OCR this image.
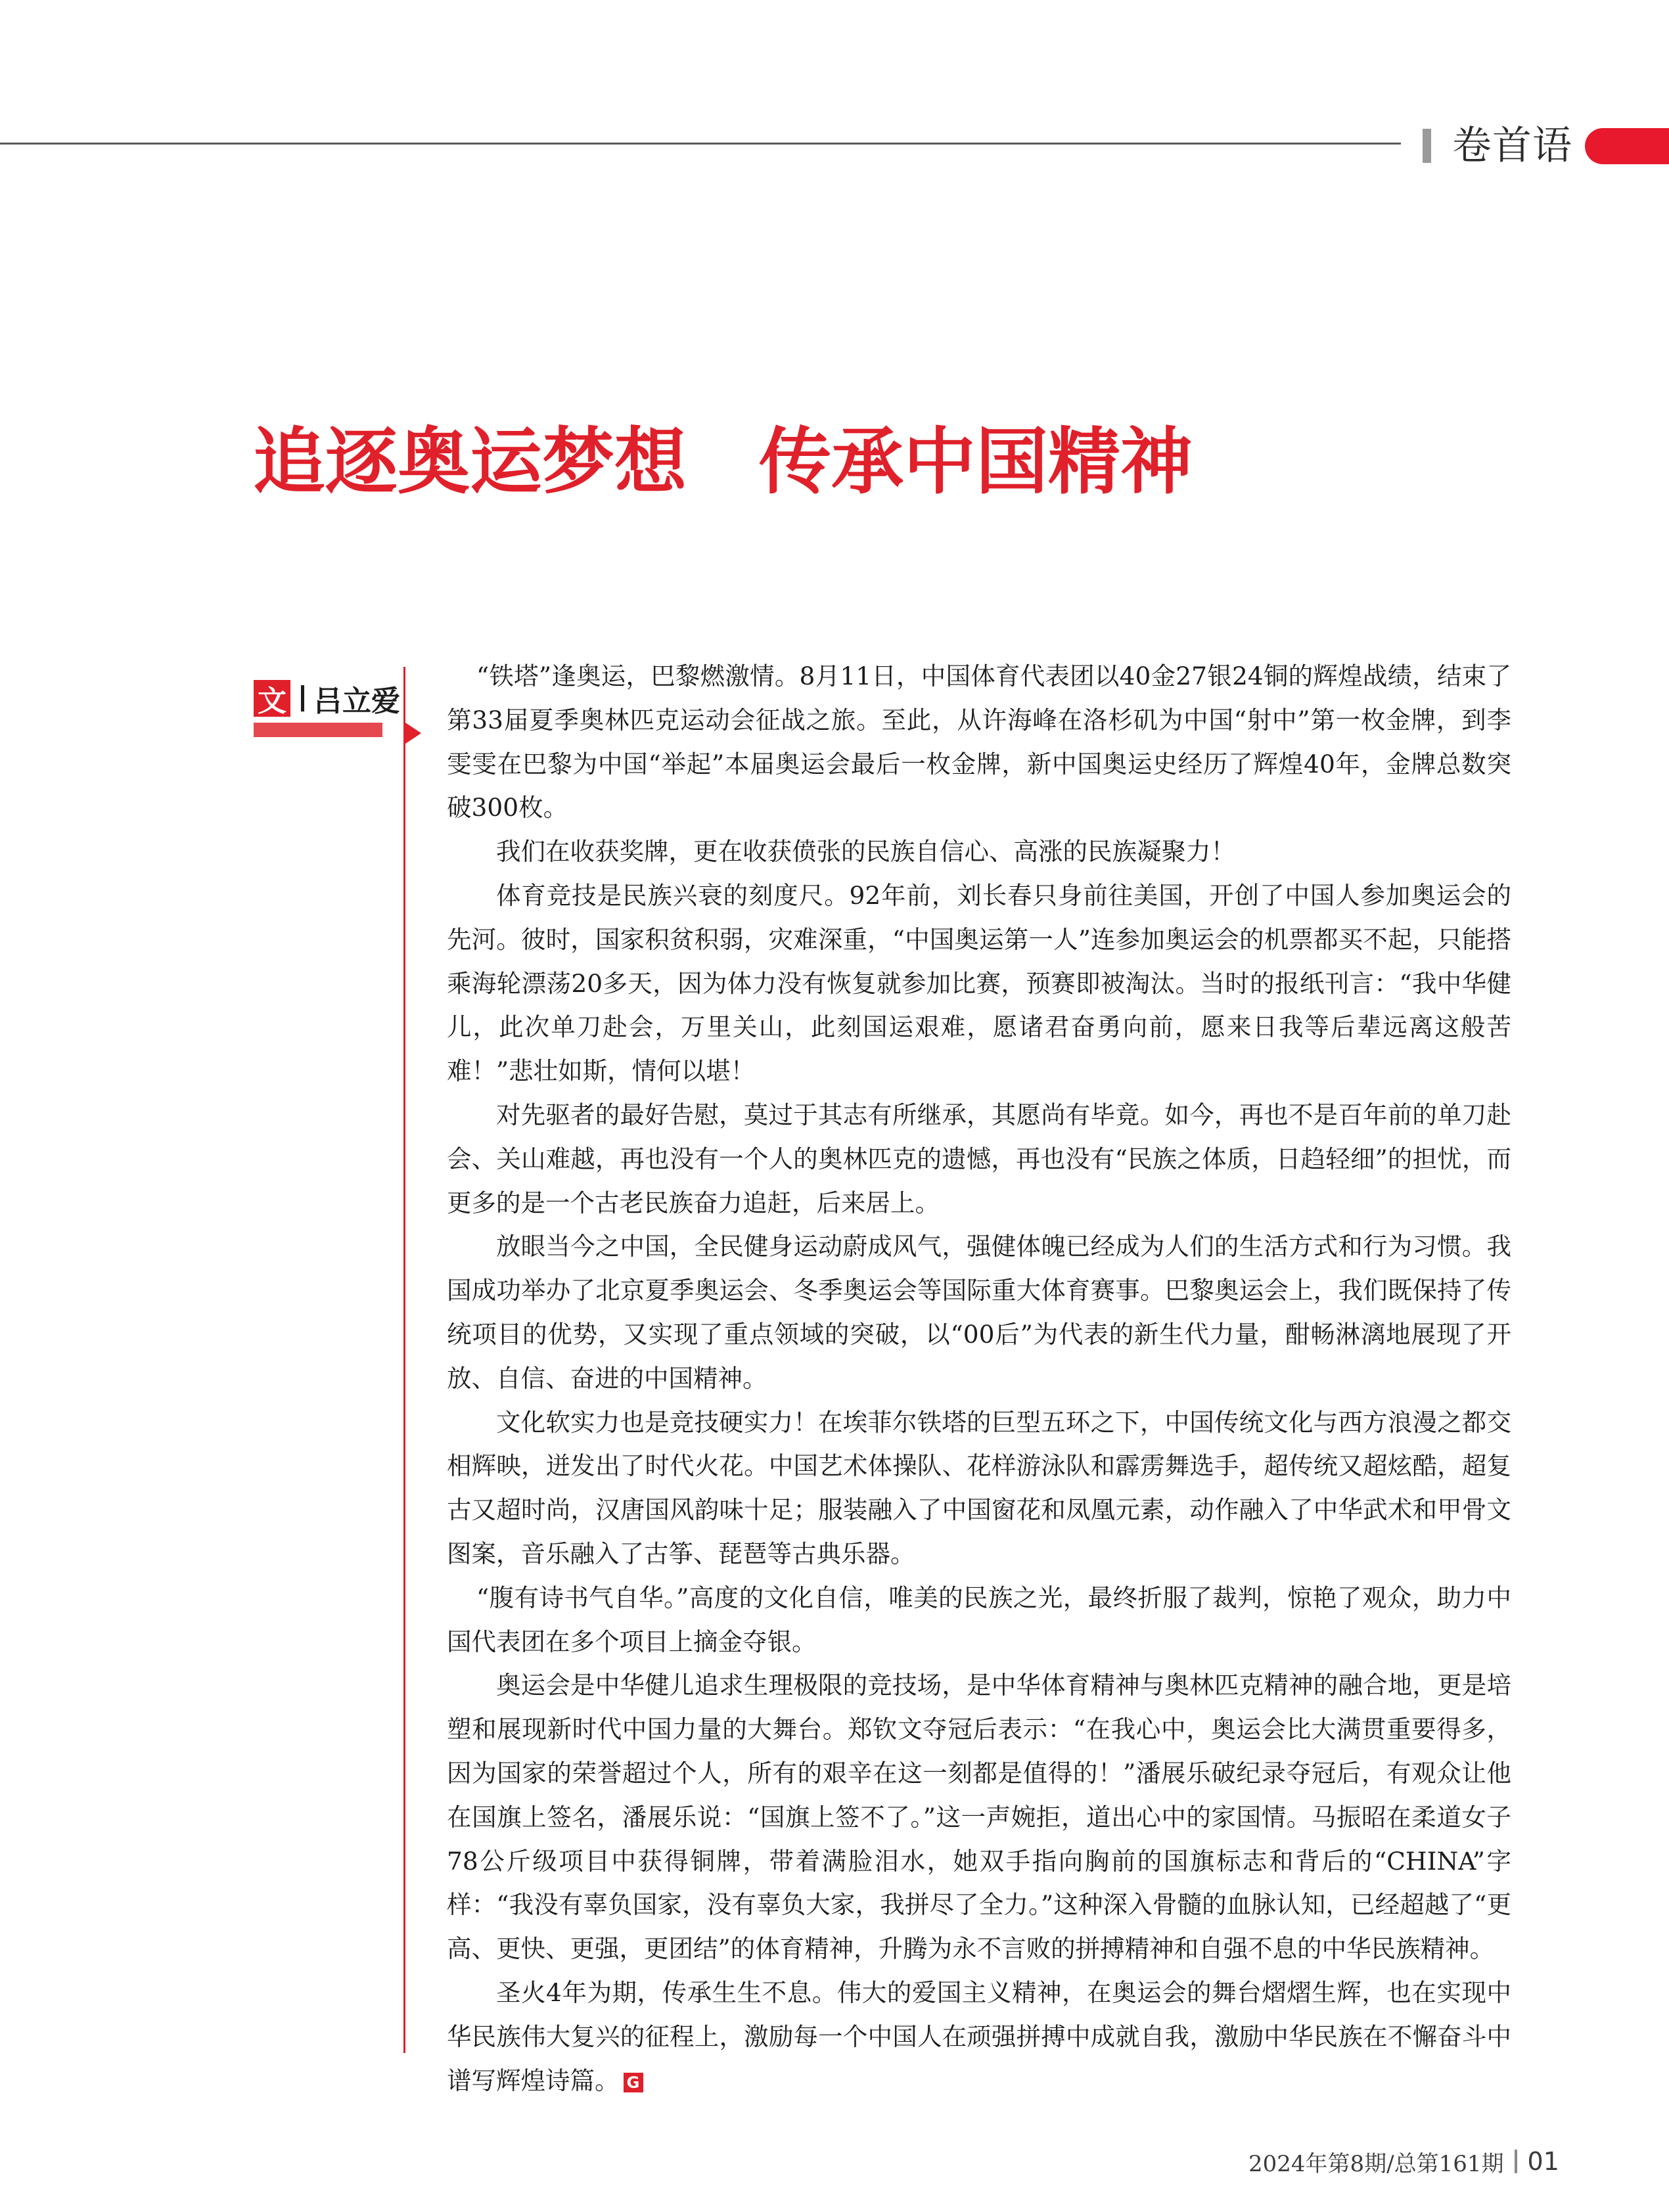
卷首语
追逐奥运梦想　传承中国精神
文 吕立爱

“铁塔”逢奥运，巴黎燃激情。8月11日，中国体育代表团以40金27银24铜的辉煌战绩，结束了第33届夏季奥林匹克运动会征战之旅。至此，从许海峰在洛杉矶为中国“射中”第一枚金牌，到李雯雯在巴黎为中国“举起”本届奥运会最后一枚金牌，新中国奥运史经历了辉煌40年，金牌总数突破300枚。

我们在收获奖牌，更在收获偾张的民族自信心、高涨的民族凝聚力！

体育竞技是民族兴衰的刻度尺。92年前，刘长春只身前往美国，开创了中国人参加奥运会的先河。彼时，国家积贫积弱，灾难深重，“中国奥运第一人”连参加奥运会的机票都买不起，只能搭乘海轮漂荡20多天，因为体力没有恢复就参加比赛，预赛即被淘汰。当时的报纸刊言：“我中华健儿，此次单刀赴会，万里关山，此刻国运艰难，愿诸君奋勇向前，愿来日我等后辈远离这般苦难！”悲壮如斯，情何以堪！

对先驱者的最好告慰，莫过于其志有所继承，其愿尚有毕竟。如今，再也不是百年前的单刀赴会、关山难越，再也没有一个人的奥林匹克的遗憾，再也没有“民族之体质，日趋轻细”的担忧，而更多的是一个古老民族奋力追赶，后来居上。

放眼当今之中国，全民健身运动蔚成风气，强健体魄已经成为人们的生活方式和行为习惯。我国成功举办了北京夏季奥运会、冬季奥运会等国际重大体育赛事。巴黎奥运会上，我们既保持了传统项目的优势，又实现了重点领域的突破，以“00后”为代表的新生代力量，酣畅淋漓地展现了开放、自信、奋进的中国精神。

文化软实力也是竞技硬实力！在埃菲尔铁塔的巨型五环之下，中国传统文化与西方浪漫之都交相辉映，迸发出了时代火花。中国艺术体操队、花样游泳队和霹雳舞选手，超传统又超炫酷，超复古又超时尚，汉唐国风韵味十足；服装融入了中国窗花和凤凰元素，动作融入了中华武术和甲骨文图案，音乐融入了古筝、琵琶等古典乐器。

“腹有诗书气自华。”高度的文化自信，唯美的民族之光，最终折服了裁判，惊艳了观众，助力中国代表团在多个项目上摘金夺银。

奥运会是中华健儿追求生理极限的竞技场，是中华体育精神与奥林匹克精神的融合地，更是培塑和展现新时代中国力量的大舞台。郑钦文夺冠后表示：“在我心中，奥运会比大满贯重要得多，因为国家的荣誉超过个人，所有的艰辛在这一刻都是值得的！”潘展乐破纪录夺冠后，有观众让他在国旗上签名，潘展乐说：“国旗上签不了。”这一声婉拒，道出心中的家国情。马振昭在柔道女子78公斤级项目中获得铜牌，带着满脸泪水，她双手指向胸前的国旗标志和背后的“CHINA”字样：“我没有辜负国家，没有辜负大家，我拼尽了全力。”这种深入骨髓的血脉认知，已经超越了“更高、更快、更强，更团结”的体育精神，升腾为永不言败的拼搏精神和自强不息的中华民族精神。

圣火4年为期，传承生生不息。伟大的爱国主义精神，在奥运会的舞台熠熠生辉，也在实现中华民族伟大复兴的征程上，激励每一个中国人在顽强拼搏中成就自我，激励中华民族在不懈奋斗中谱写辉煌诗篇。 G

2024年第8期/总第161期 01
